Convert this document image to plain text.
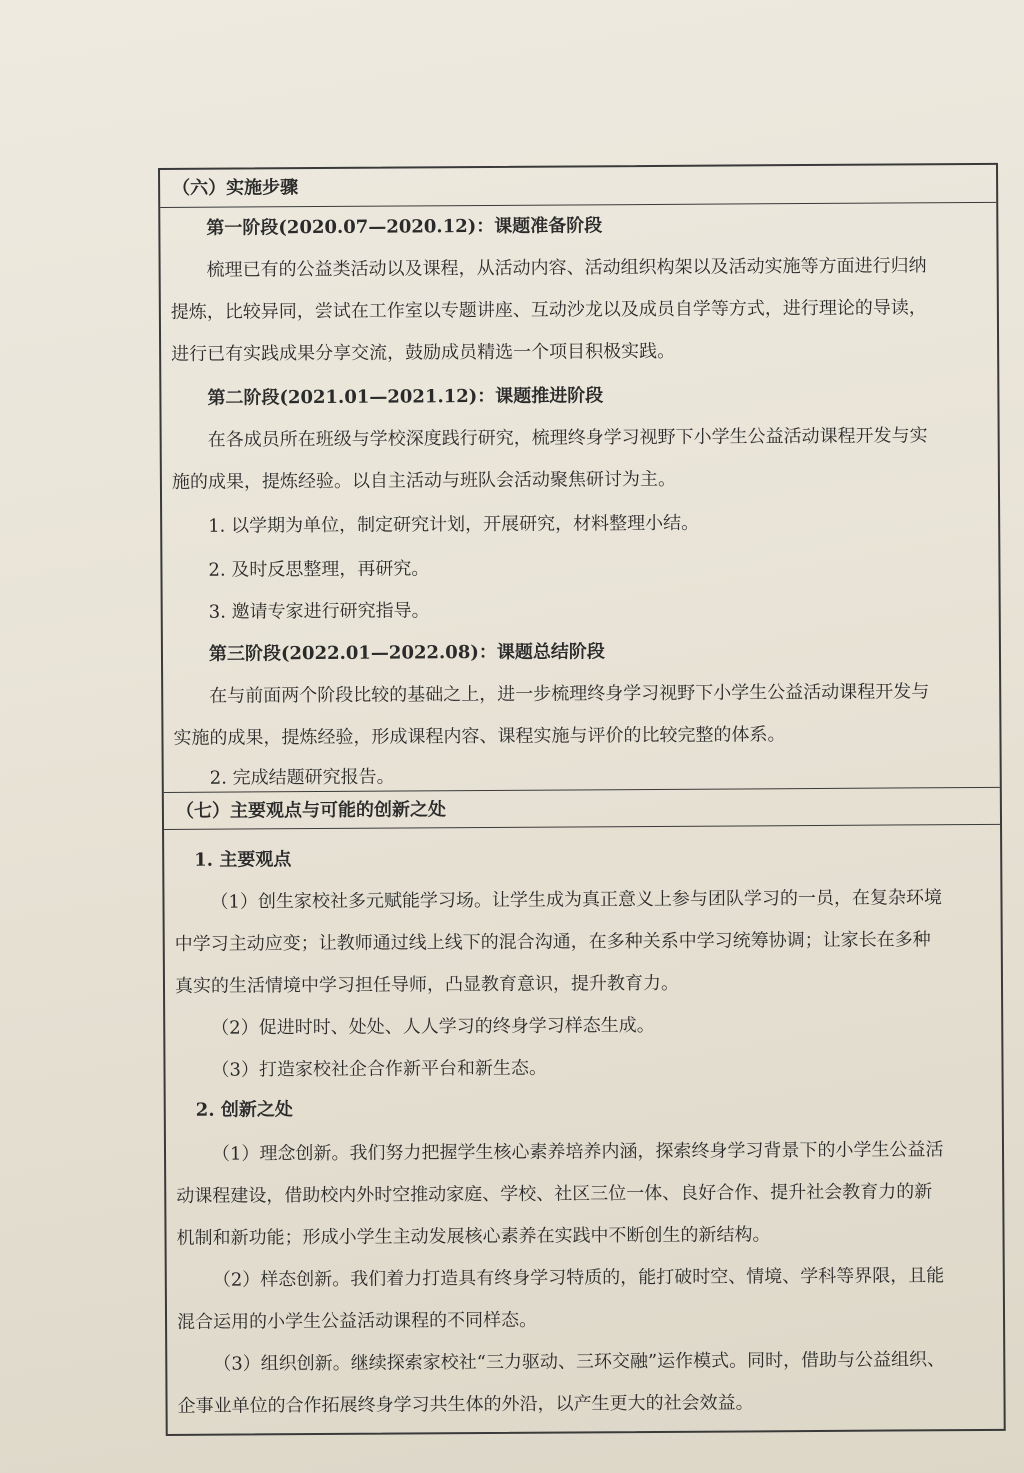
（六）实施步骤
第一阶段(2020.07—2020.12)：课题准备阶段
梳理已有的公益类活动以及课程，从活动内容、活动组织构架以及活动实施等方面进行归纳
提炼，比较异同，尝试在工作室以专题讲座、互动沙龙以及成员自学等方式，进行理论的导读，
进行已有实践成果分享交流，鼓励成员精选一个项目积极实践。
第二阶段(2021.01—2021.12)：课题推进阶段
在各成员所在班级与学校深度践行研究，梳理终身学习视野下小学生公益活动课程开发与实
施的成果，提炼经验。以自主活动与班队会活动聚焦研讨为主。
1. 以学期为单位，制定研究计划，开展研究，材料整理小结。
2. 及时反思整理，再研究。
3. 邀请专家进行研究指导。
第三阶段(2022.01—2022.08)：课题总结阶段
在与前面两个阶段比较的基础之上，进一步梳理终身学习视野下小学生公益活动课程开发与
实施的成果，提炼经验，形成课程内容、课程实施与评价的比较完整的体系。
2. 完成结题研究报告。
（七）主要观点与可能的创新之处
1. 主要观点
（1）创生家校社多元赋能学习场。让学生成为真正意义上参与团队学习的一员，在复杂环境
中学习主动应变；让教师通过线上线下的混合沟通，在多种关系中学习统筹协调；让家长在多种
真实的生活情境中学习担任导师，凸显教育意识，提升教育力。
（2）促进时时、处处、人人学习的终身学习样态生成。
（3）打造家校社企合作新平台和新生态。
2. 创新之处
（1）理念创新。我们努力把握学生核心素养培养内涵，探索终身学习背景下的小学生公益活
动课程建设，借助校内外时空推动家庭、学校、社区三位一体、良好合作、提升社会教育力的新
机制和新功能；形成小学生主动发展核心素养在实践中不断创生的新结构。
（2）样态创新。我们着力打造具有终身学习特质的，能打破时空、情境、学科等界限，且能
混合运用的小学生公益活动课程的不同样态。
（3）组织创新。继续探索家校社“三力驱动、三环交融”运作模式。同时，借助与公益组织、
企事业单位的合作拓展终身学习共生体的外沿，以产生更大的社会效益。
